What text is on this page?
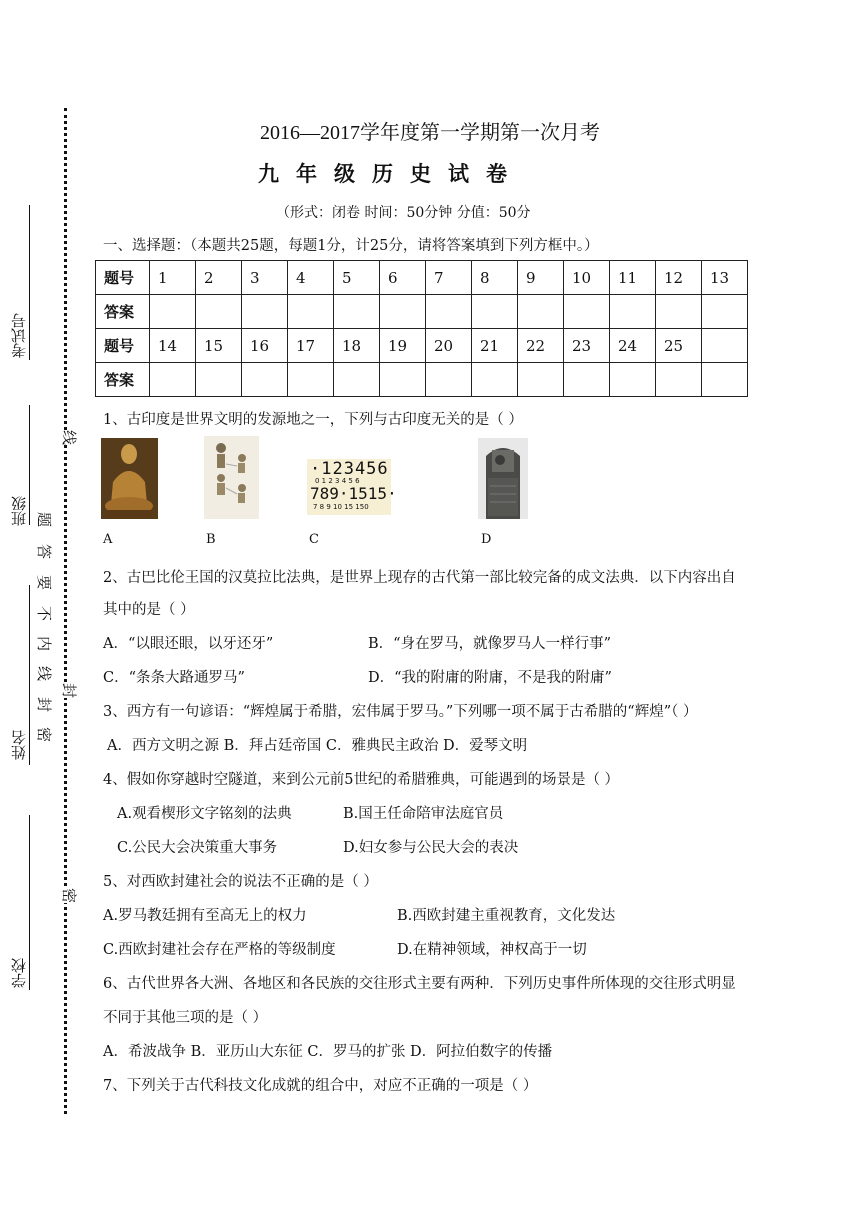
考试号
班级
姓名
学校
线
题
答
要
不
内
线
封
封
密
密
2016—2017学年度第一学期第一次月考
九年级历史试卷
（形式：闭卷 时间：50分钟 分值：50分
一、选择题：（本题共25题，每题1分，计25分，请将答案填到下列方框中。）
题号	1	2	3	4	5	6	7	8	9	10	11	12	13
答案													
题号	14	15	16	17	18	19	20	21	22	23	24	25	
答案													
1、古印度是世界文明的发源地之一，下列与古印度无关的是（ ）
·123456
0 1 2 3 4 5 6
789·1515·
7 8 9 10 15 150
A	B	C	D
2、古巴比伦王国的汉莫拉比法典，是世界上现存的古代第一部比较完备的成文法典．以下内容出自
其中的是（ ）
A．“以眼还眼，以牙还牙”	B．“身在罗马，就像罗马人一样行事”
C．“条条大路通罗马”	D．“我的附庸的附庸，不是我的附庸”
3、西方有一句谚语：“辉煌属于希腊，宏伟属于罗马。”下列哪一项不属于古希腊的“辉煌”（ ）
A．西方文明之源 B．拜占廷帝国 C．雅典民主政治 D．爱琴文明
4、假如你穿越时空隧道，来到公元前5世纪的希腊雅典，可能遇到的场景是（ ）
A.观看楔形文字铭刻的法典	B.国王任命陪审法庭官员
C.公民大会决策重大事务	D.妇女参与公民大会的表决
5、对西欧封建社会的说法不正确的是（ ）
A.罗马教廷拥有至高无上的权力	B.西欧封建主重视教育，文化发达
C.西欧封建社会存在严格的等级制度	D.在精神领域，神权高于一切
6、古代世界各大洲、各地区和各民族的交往形式主要有两种．下列历史事件所体现的交往形式明显
不同于其他三项的是（ ）
A．希波战争 B．亚历山大东征 C．罗马的扩张 D．阿拉伯数字的传播
7、下列关于古代科技文化成就的组合中，对应不正确的一项是（ ）
